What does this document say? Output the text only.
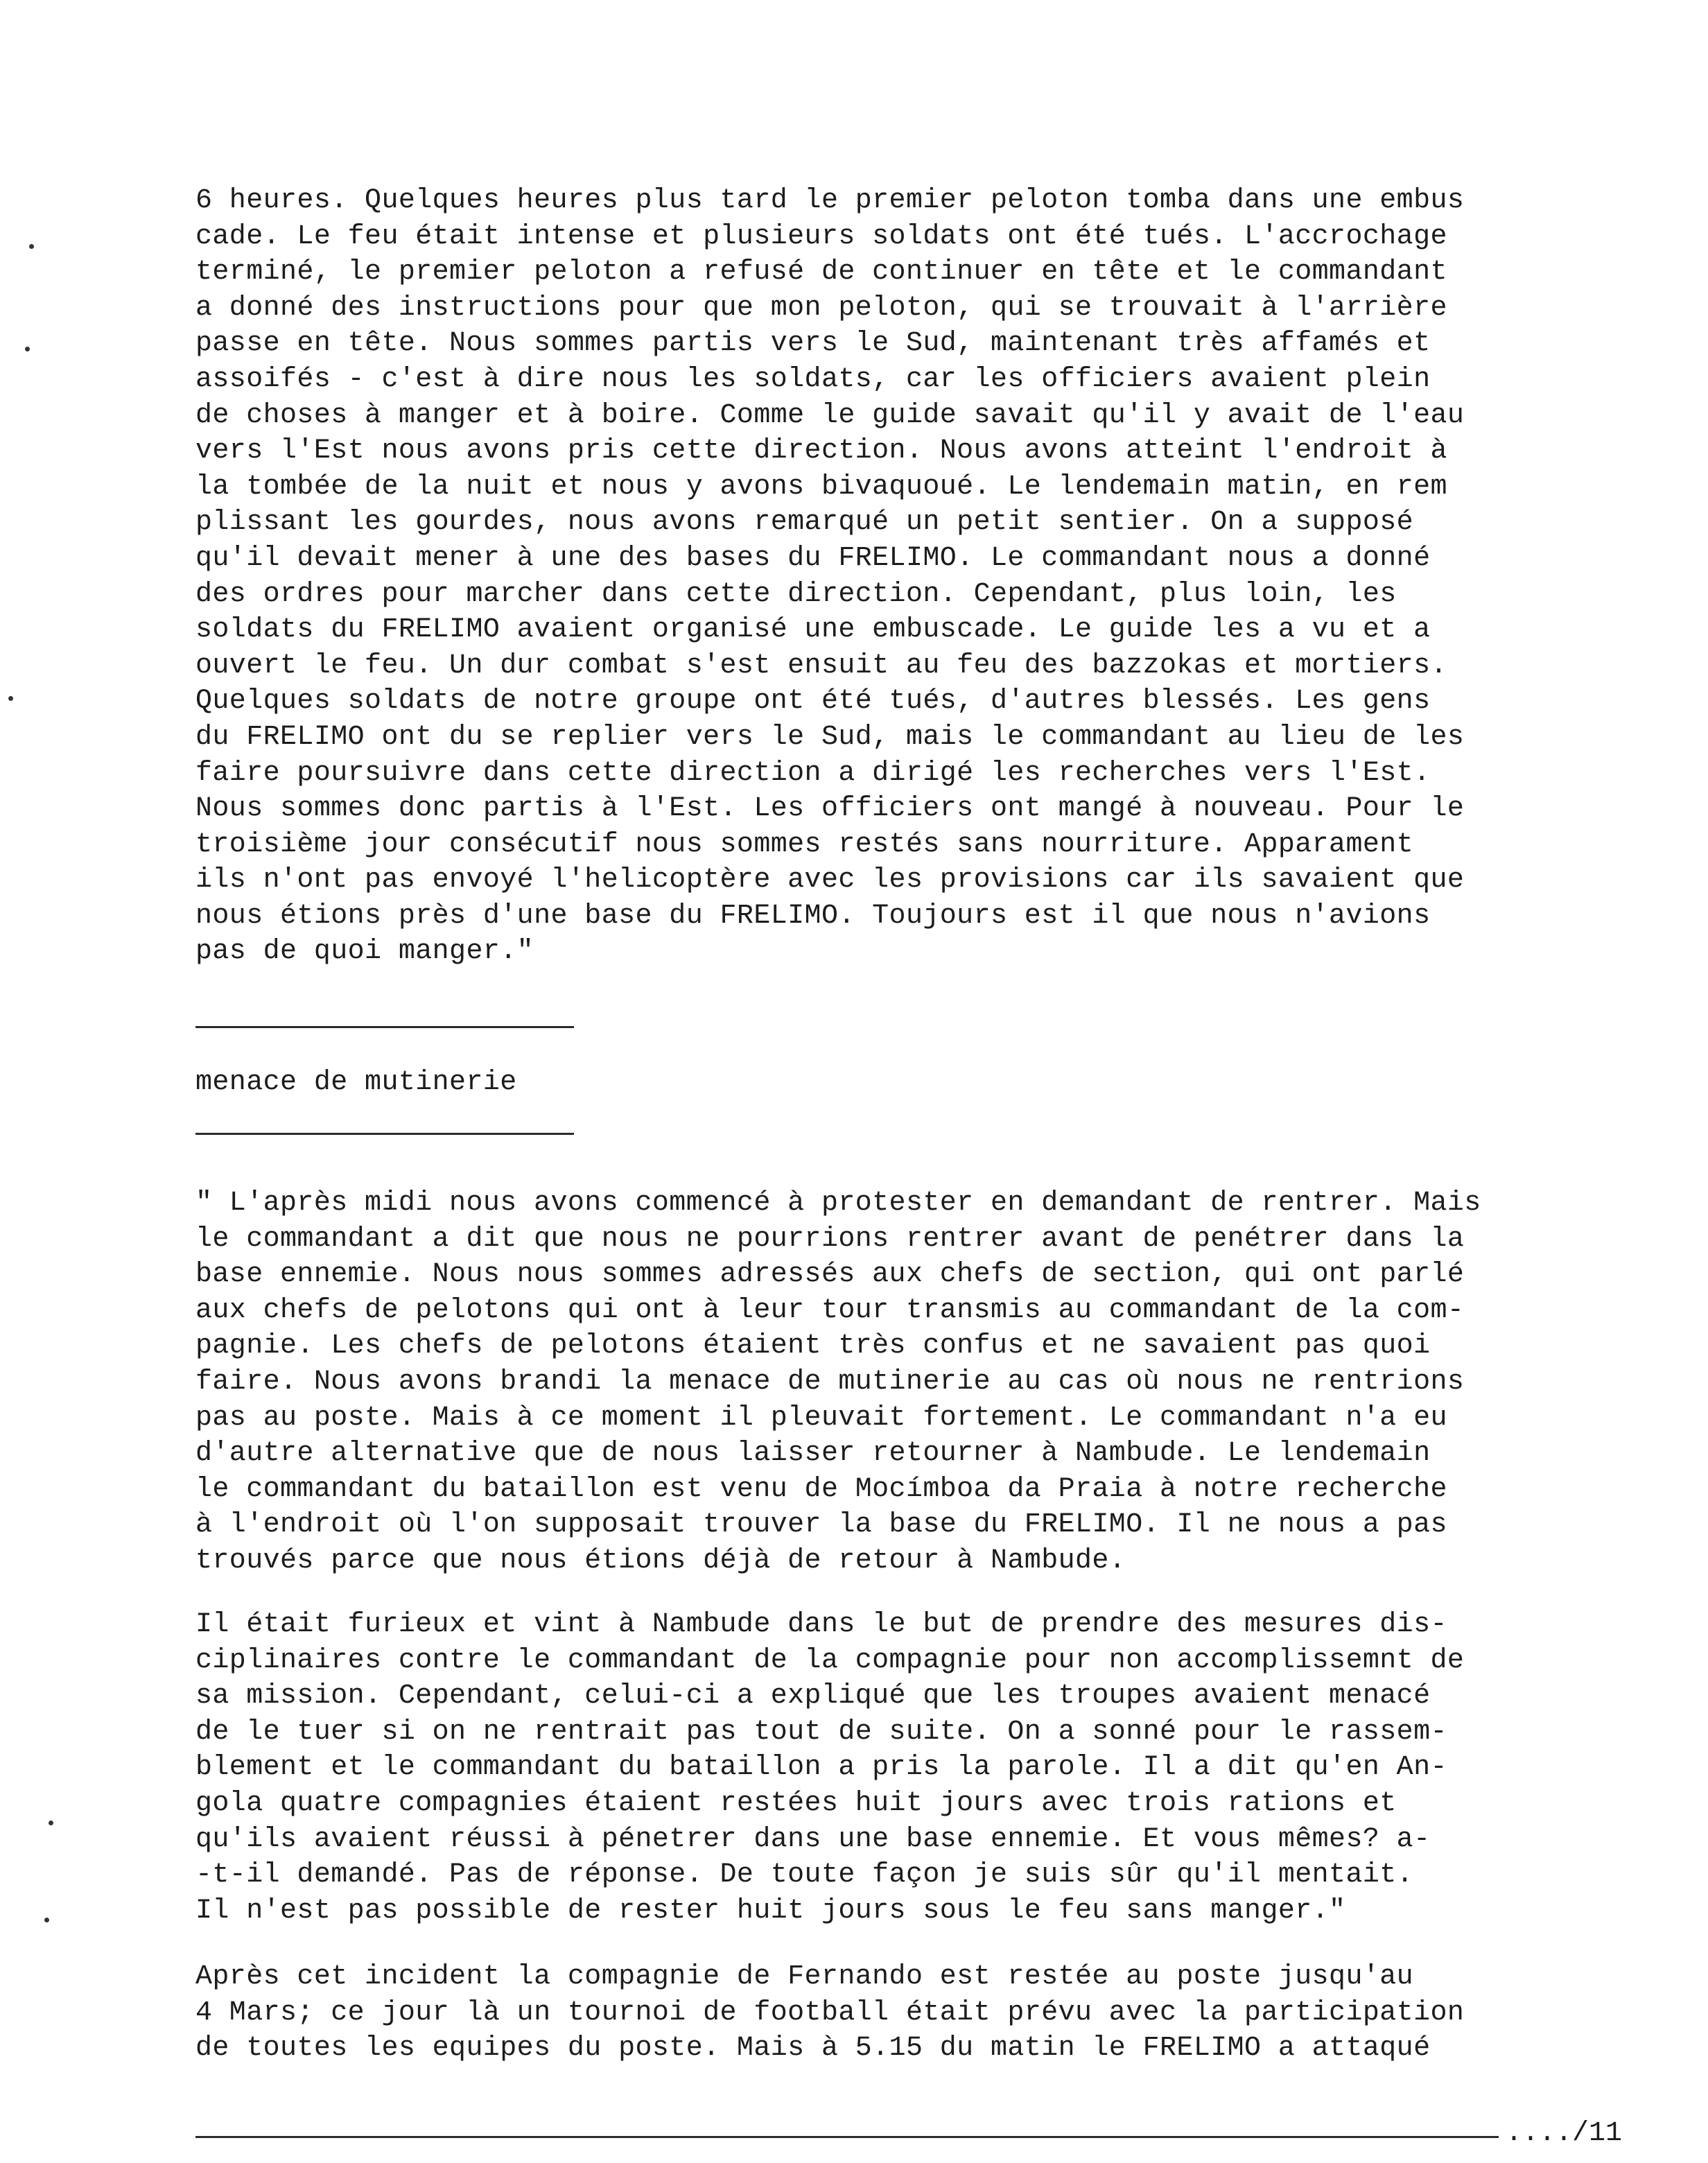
6 heures. Quelques heures plus tard le premier peloton tomba dans une embus
cade. Le feu était intense et plusieurs soldats ont été tués. L'accrochage
terminé, le premier peloton a refusé de continuer en tête et le commandant
a donné des instructions pour que mon peloton, qui se trouvait à l'arrière
passe en tête. Nous sommes partis vers le Sud, maintenant très affamés et
assoifés - c'est à dire nous les soldats, car les officiers avaient plein
de choses à manger et à boire. Comme le guide savait qu'il y avait de l'eau
vers l'Est nous avons pris cette direction. Nous avons atteint l'endroit à
la tombée de la nuit et nous y avons bivaquoué. Le lendemain matin, en rem
plissant les gourdes, nous avons remarqué un petit sentier. On a supposé
qu'il devait mener à une des bases du FRELIMO. Le commandant nous a donné
des ordres pour marcher dans cette direction. Cependant, plus loin, les
soldats du FRELIMO avaient organisé une embuscade. Le guide les a vu et a
ouvert le feu. Un dur combat s'est ensuit au feu des bazzokas et mortiers.
Quelques soldats de notre groupe ont été tués, d'autres blessés. Les gens
du FRELIMO ont du se replier vers le Sud, mais le commandant au lieu de les
faire poursuivre dans cette direction a dirigé les recherches vers l'Est.
Nous sommes donc partis à l'Est. Les officiers ont mangé à nouveau. Pour le
troisième jour consécutif nous sommes restés sans nourriture. Apparament
ils n'ont pas envoyé l'helicoptère avec les provisions car ils savaient que
nous étions près d'une base du FRELIMO. Toujours est il que nous n'avions
pas de quoi manger."
menace de mutinerie
" L'après midi nous avons commencé à protester en demandant de rentrer. Mais
le commandant a dit que nous ne pourrions rentrer avant de penétrer dans la
base ennemie. Nous nous sommes adressés aux chefs de section, qui ont parlé
aux chefs de pelotons qui ont à leur tour transmis au commandant de la com-
pagnie. Les chefs de pelotons étaient très confus et ne savaient pas quoi
faire. Nous avons brandi la menace de mutinerie au cas où nous ne rentrions
pas au poste. Mais à ce moment il pleuvait fortement. Le commandant n'a eu
d'autre alternative que de nous laisser retourner à Nambude. Le lendemain
le commandant du bataillon est venu de Mocímboa da Praia à notre recherche
à l'endroit où l'on supposait trouver la base du FRELIMO. Il ne nous a pas
trouvés parce que nous étions déjà de retour à Nambude.
Il était furieux et vint à Nambude dans le but de prendre des mesures dis-
ciplinaires contre le commandant de la compagnie pour non accomplissemnt de
sa mission. Cependant, celui-ci a expliqué que les troupes avaient menacé
de le tuer si on ne rentrait pas tout de suite. On a sonné pour le rassem-
blement et le commandant du bataillon a pris la parole. Il a dit qu'en An-
gola quatre compagnies étaient restées huit jours avec trois rations et
qu'ils avaient réussi à pénetrer dans une base ennemie. Et vous mêmes? a-
-t-il demandé. Pas de réponse. De toute façon je suis sûr qu'il mentait.
Il n'est pas possible de rester huit jours sous le feu sans manger."
Après cet incident la compagnie de Fernando est restée au poste jusqu'au
4 Mars; ce jour là un tournoi de football était prévu avec la participation
de toutes les equipes du poste. Mais à 5.15 du matin le FRELIMO a attaqué
..../11
